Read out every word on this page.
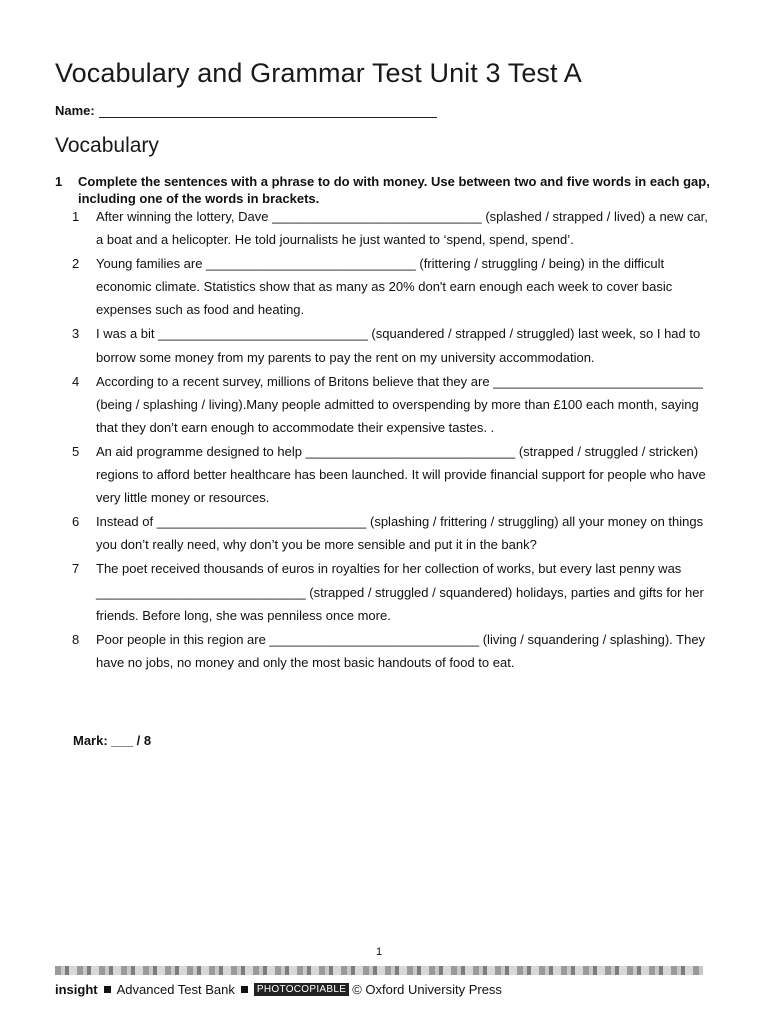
Vocabulary and Grammar Test Unit 3 Test A
Name:
Vocabulary
1 Complete the sentences with a phrase to do with money. Use between two and five words in each gap, including one of the words in brackets.
1 After winning the lottery, Dave _____________________________ (splashed / strapped / lived) a new car, a boat and a helicopter. He told journalists he just wanted to ‘spend, spend, spend’.
2 Young families are _____________________________ (frittering / struggling / being) in the difficult economic climate. Statistics show that as many as 20% don't earn enough each week to cover basic expenses such as food and heating.
3 I was a bit _____________________________ (squandered / strapped / struggled) last week, so I had to borrow some money from my parents to pay the rent on my university accommodation.
4 According to a recent survey, millions of Britons believe that they are _____________________________ (being / splashing / living).Many people admitted to overspending by more than £100 each month, saying that they don’t earn enough to accommodate their expensive tastes. .
5 An aid programme designed to help _____________________________ (strapped / struggled / stricken) regions to afford better healthcare has been launched. It will provide financial support for people who have very little money or resources.
6 Instead of _____________________________ (splashing / frittering / struggling) all your money on things you don’t really need, why don’t you be more sensible and put it in the bank?
7 The poet received thousands of euros in royalties for her collection of works, but every last penny was _____________________________ (strapped / struggled / squandered) holidays, parties and gifts for her friends. Before long, she was penniless once more.
8 Poor people in this region are _____________________________ (living / squandering / splashing). They have no jobs, no money and only the most basic handouts of food to eat.
Mark: ___ / 8
1
insight Advanced Test Bank	PHOTOCOPIABLE © Oxford University Press
